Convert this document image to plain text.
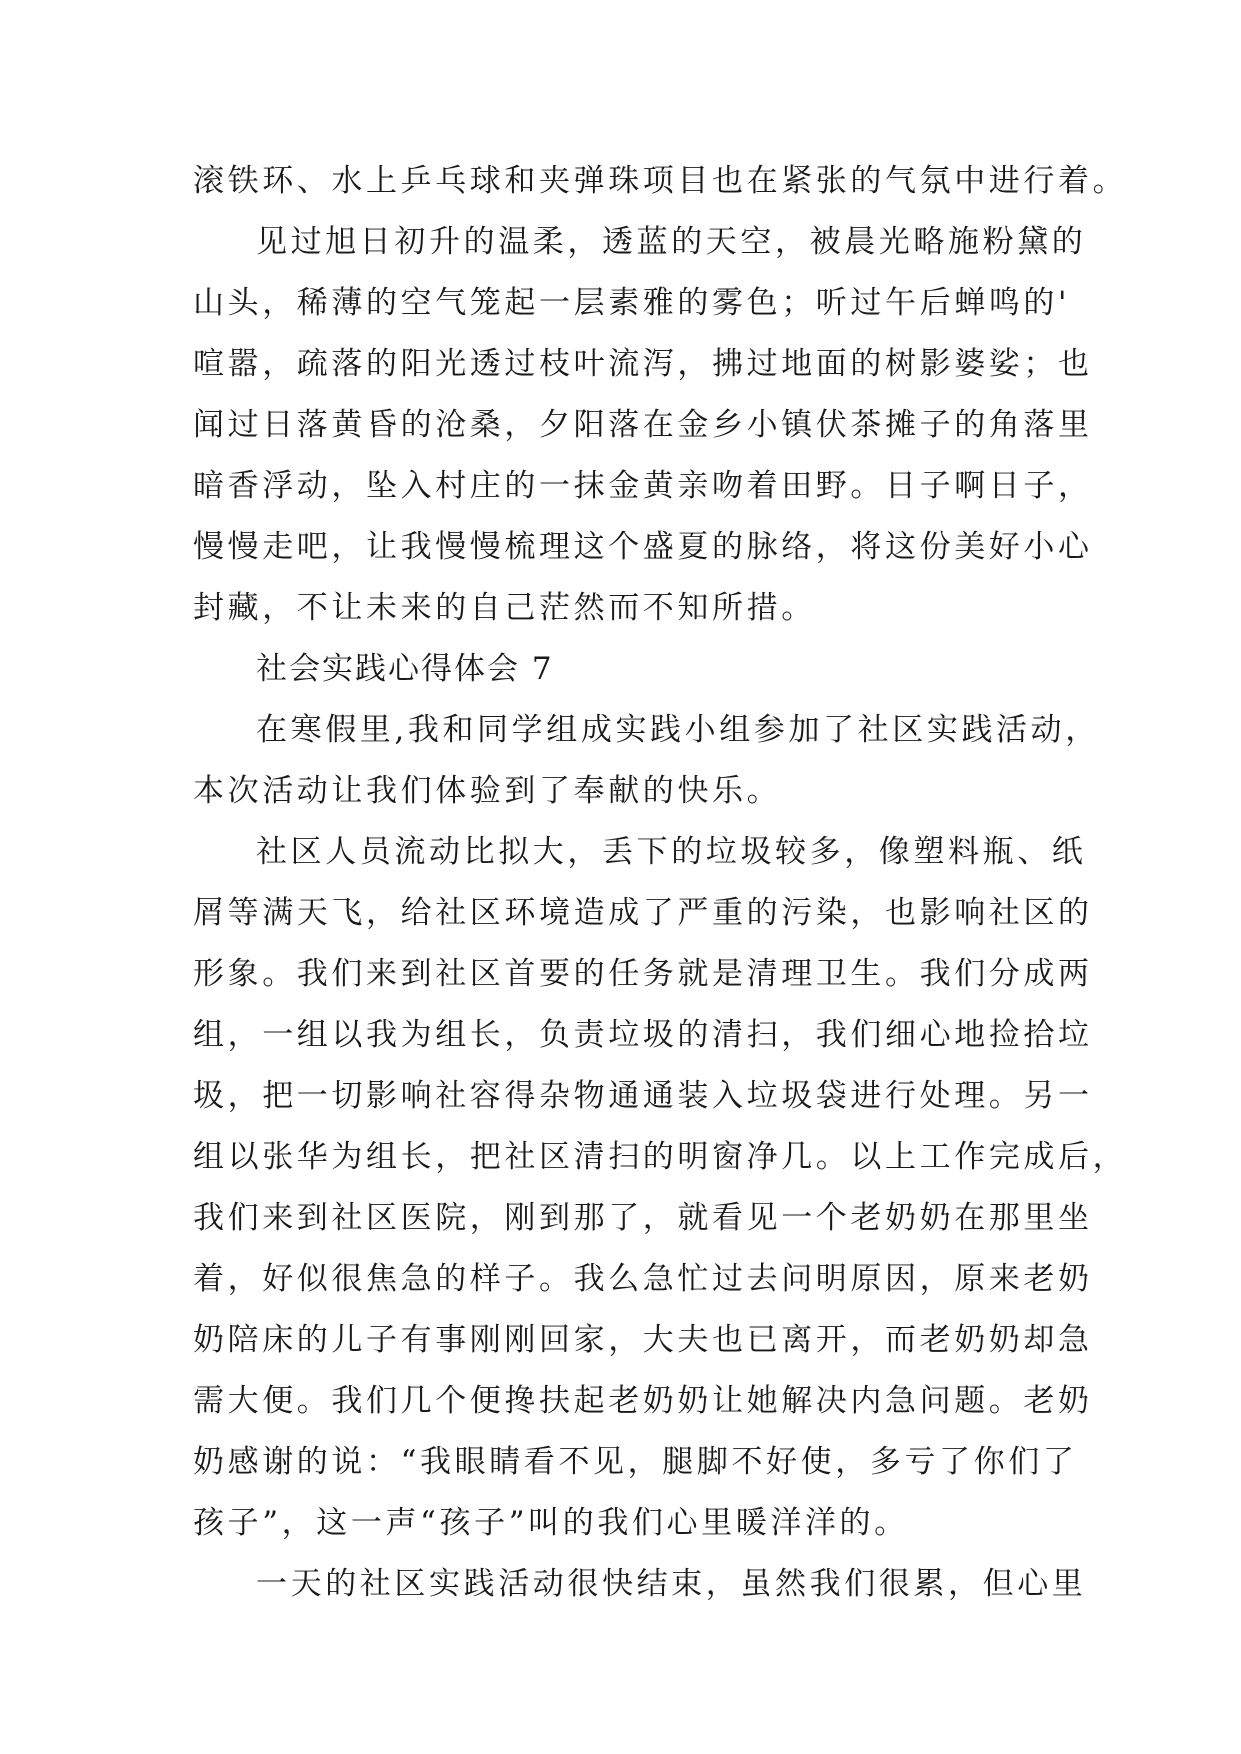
滚铁环、水上乒乓球和夹弹珠项目也在紧张的气氛中进行着。
见过旭日初升的温柔，透蓝的天空，被晨光略施粉黛的
山头，稀薄的空气笼起一层素雅的雾色；听过午后蝉鸣的'
喧嚣，疏落的阳光透过枝叶流泻，拂过地面的树影婆娑；也
闻过日落黄昏的沧桑，夕阳落在金乡小镇伏茶摊子的角落里
暗香浮动，坠入村庄的一抹金黄亲吻着田野。日子啊日子，
慢慢走吧，让我慢慢梳理这个盛夏的脉络，将这份美好小心
封藏，不让未来的自己茫然而不知所措。
社会实践心得体会 7
在寒假里,我和同学组成实践小组参加了社区实践活动，
本次活动让我们体验到了奉献的快乐。
社区人员流动比拟大，丢下的垃圾较多，像塑料瓶、纸
屑等满天飞，给社区环境造成了严重的污染，也影响社区的
形象。我们来到社区首要的任务就是清理卫生。我们分成两
组，一组以我为组长，负责垃圾的清扫，我们细心地捡拾垃
圾，把一切影响社容得杂物通通装入垃圾袋进行处理。另一
组以张华为组长，把社区清扫的明窗净几。以上工作完成后，
我们来到社区医院，刚到那了，就看见一个老奶奶在那里坐
着，好似很焦急的样子。我么急忙过去问明原因，原来老奶
奶陪床的儿子有事刚刚回家，大夫也已离开，而老奶奶却急
需大便。我们几个便搀扶起老奶奶让她解决内急问题。老奶
奶感谢的说：“我眼睛看不见，腿脚不好使，多亏了你们了
孩子”，这一声“孩子”叫的我们心里暖洋洋的。
一天的社区实践活动很快结束，虽然我们很累，但心里
